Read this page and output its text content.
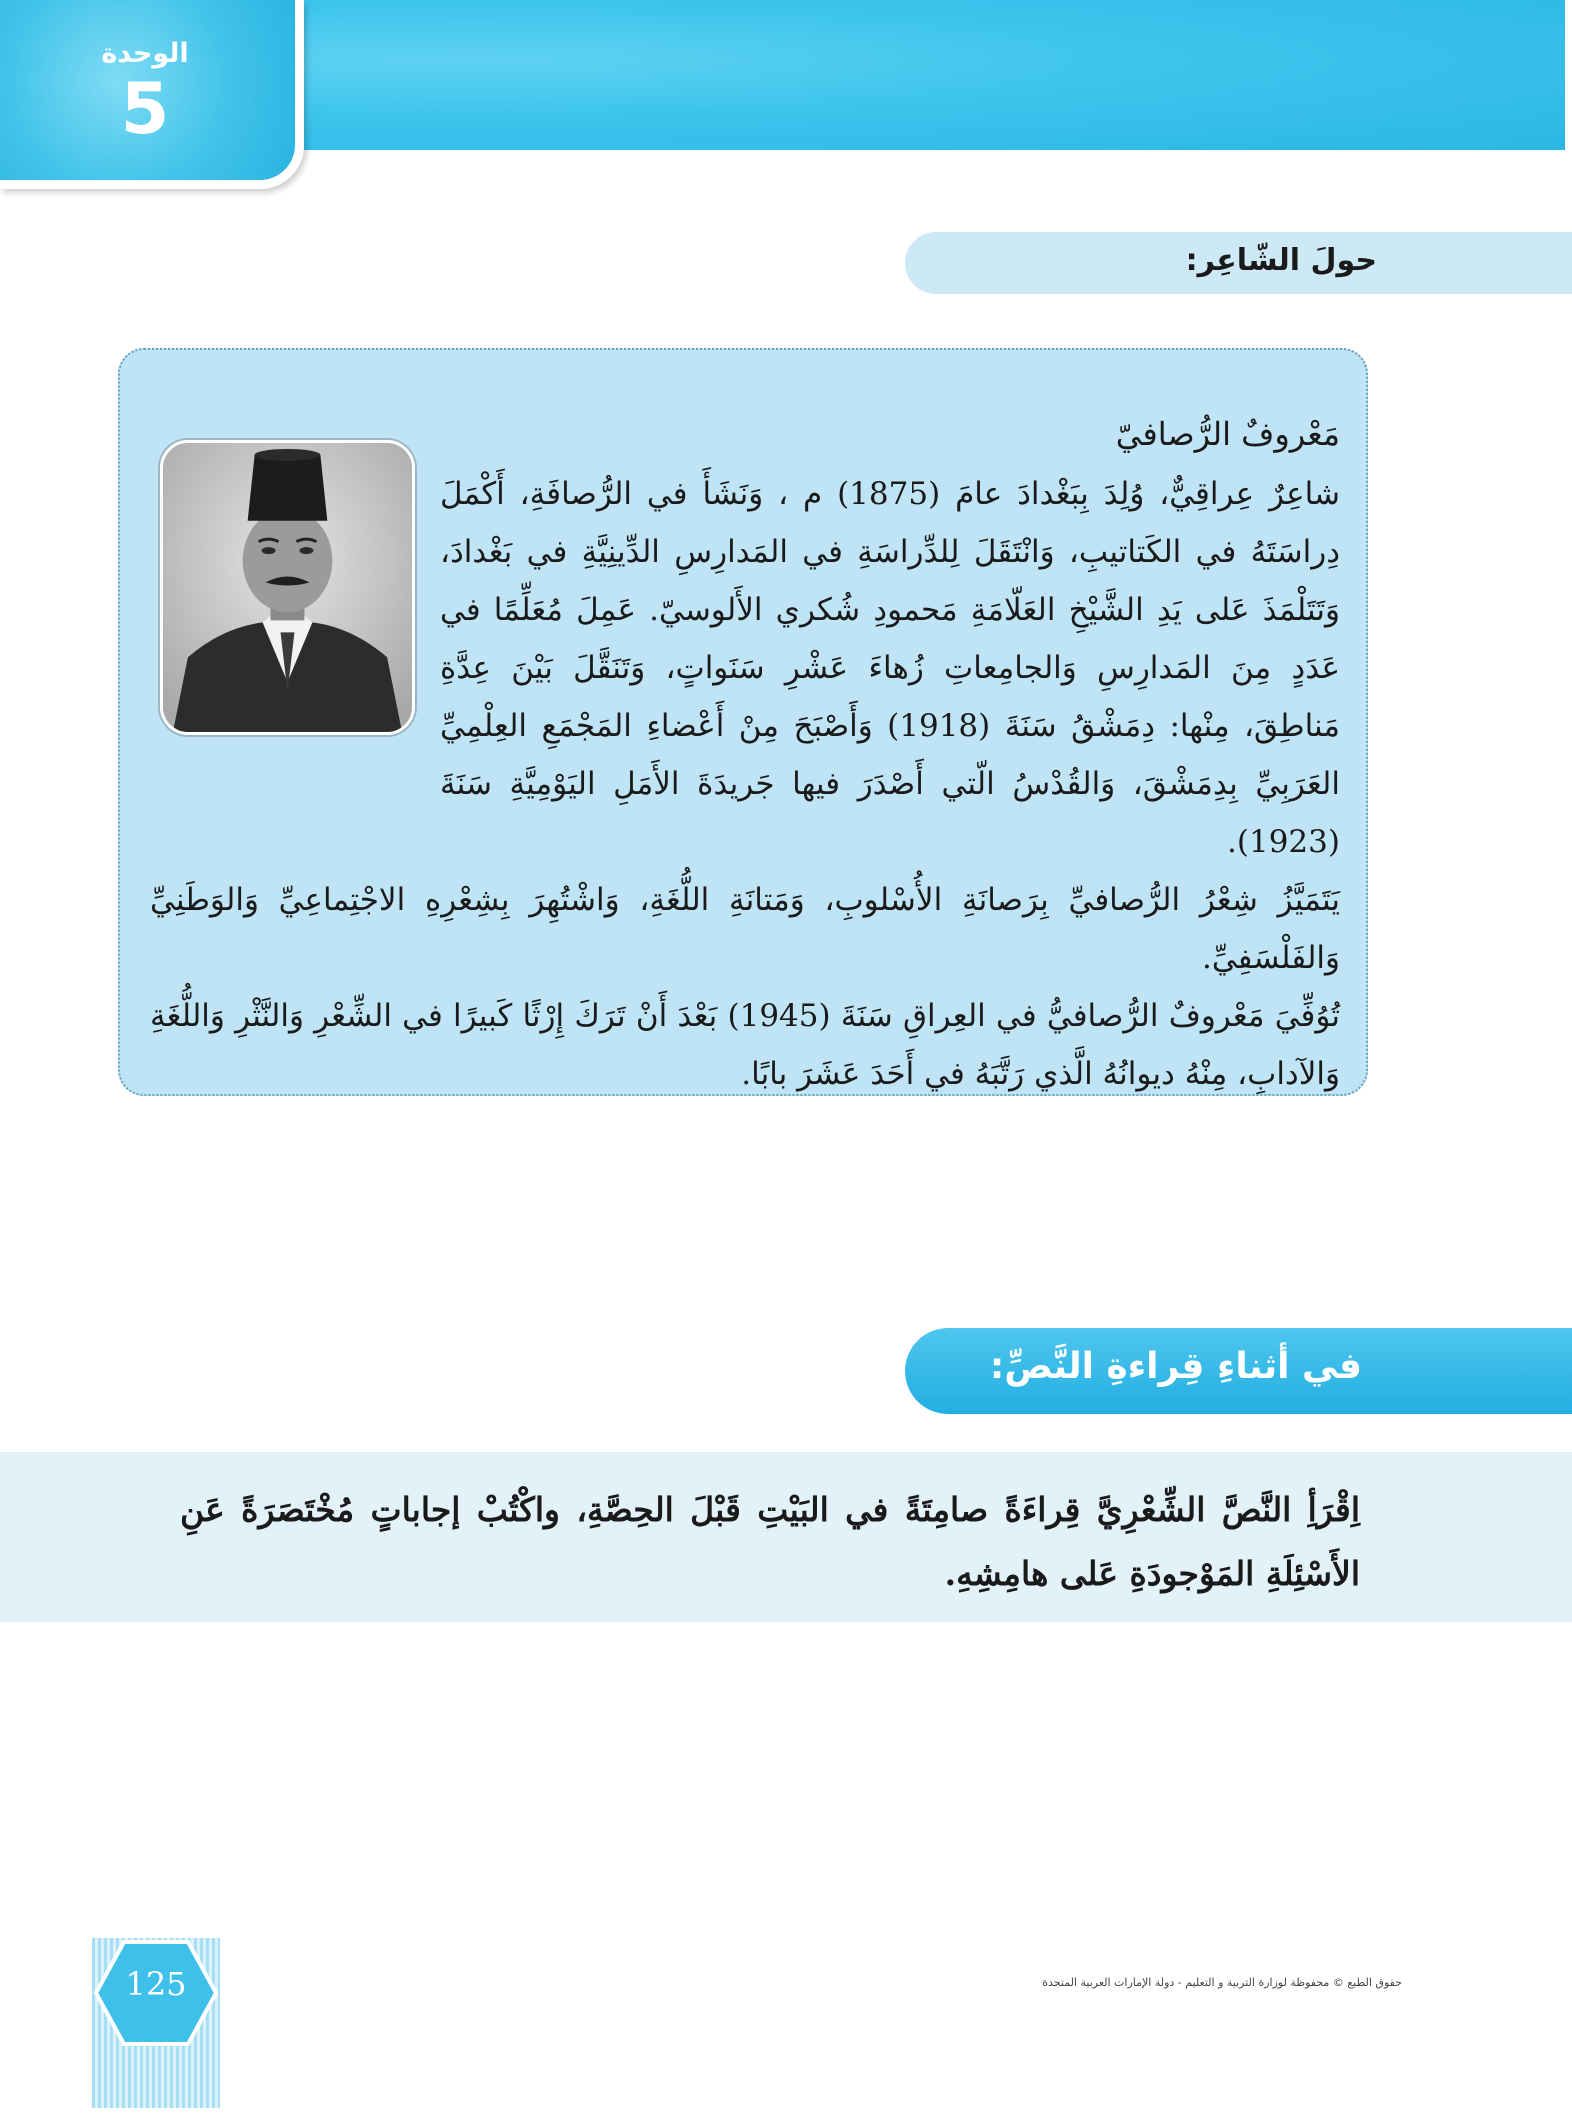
الوحدة
5
حولَ الشّاعِر:
مَعْروفٌ الرُّصافيّ
شاعِرٌ عِراقِيٌّ، وُلِدَ بِبَغْدادَ عامَ (1875) م ، وَنَشَأَ في الرُّصافَةِ، أَكْمَلَ دِراسَتَهُ في الكَتاتيبِ، وَانْتَقَلَ لِلدِّراسَةِ في المَدارِسِ الدِّينِيَّةِ في بَغْدادَ، وَتَتَلْمَذَ عَلى يَدِ الشَّيْخِ العَلّامَةِ مَحمودِ شُكري الأَلوسيّ. عَمِلَ مُعَلِّمًا في عَدَدٍ مِنَ المَدارِسِ وَالجامِعاتِ زُهاءَ عَشْرِ سَنَواتٍ، وَتَنَقَّلَ بَيْنَ عِدَّةِ مَناطِقَ، مِنْها: دِمَشْقُ سَنَةَ (1918) وَأَصْبَحَ مِنْ أَعْضاءِ المَجْمَعِ العِلْمِيِّ العَرَبِيِّ بِدِمَشْقَ، وَالقُدْسُ الّتي أَصْدَرَ فيها جَريدَةَ الأَمَلِ اليَوْمِيَّةِ سَنَةَ (1923).
يَتَمَيَّزُ شِعْرُ الرُّصافيِّ بِرَصانَةِ الأُسْلوبِ، وَمَتانَةِ اللُّغَةِ، وَاشْتُهِرَ بِشِعْرِهِ الاجْتِماعِيِّ وَالوَطَنِيِّ وَالفَلْسَفِيِّ.
تُوُفِّيَ مَعْروفٌ الرُّصافيُّ في العِراقِ سَنَةَ (1945) بَعْدَ أَنْ تَرَكَ إِرْثًا كَبيرًا في الشِّعْرِ وَالنَّثْرِ وَاللُّغَةِ وَالآدابِ، مِنْهُ ديوانُهُ الَّذي رَتَّبَهُ في أَحَدَ عَشَرَ بابًا.
في أثناءِ قِراءةِ النَّصِّ:
اِقْرَأِ النَّصَّ الشِّعْرِيَّ قِراءَةً صامِتَةً في البَيْتِ قَبْلَ الحِصَّةِ، واكْتُبْ إجاباتٍ مُخْتَصَرَةً عَنِ الأَسْئِلَةِ المَوْجودَةِ عَلى هامِشِهِ.
125	حقوق الطبع © محفوظة لوزارة التربية و التعليم - دولة الإمارات العربية المتحدة
